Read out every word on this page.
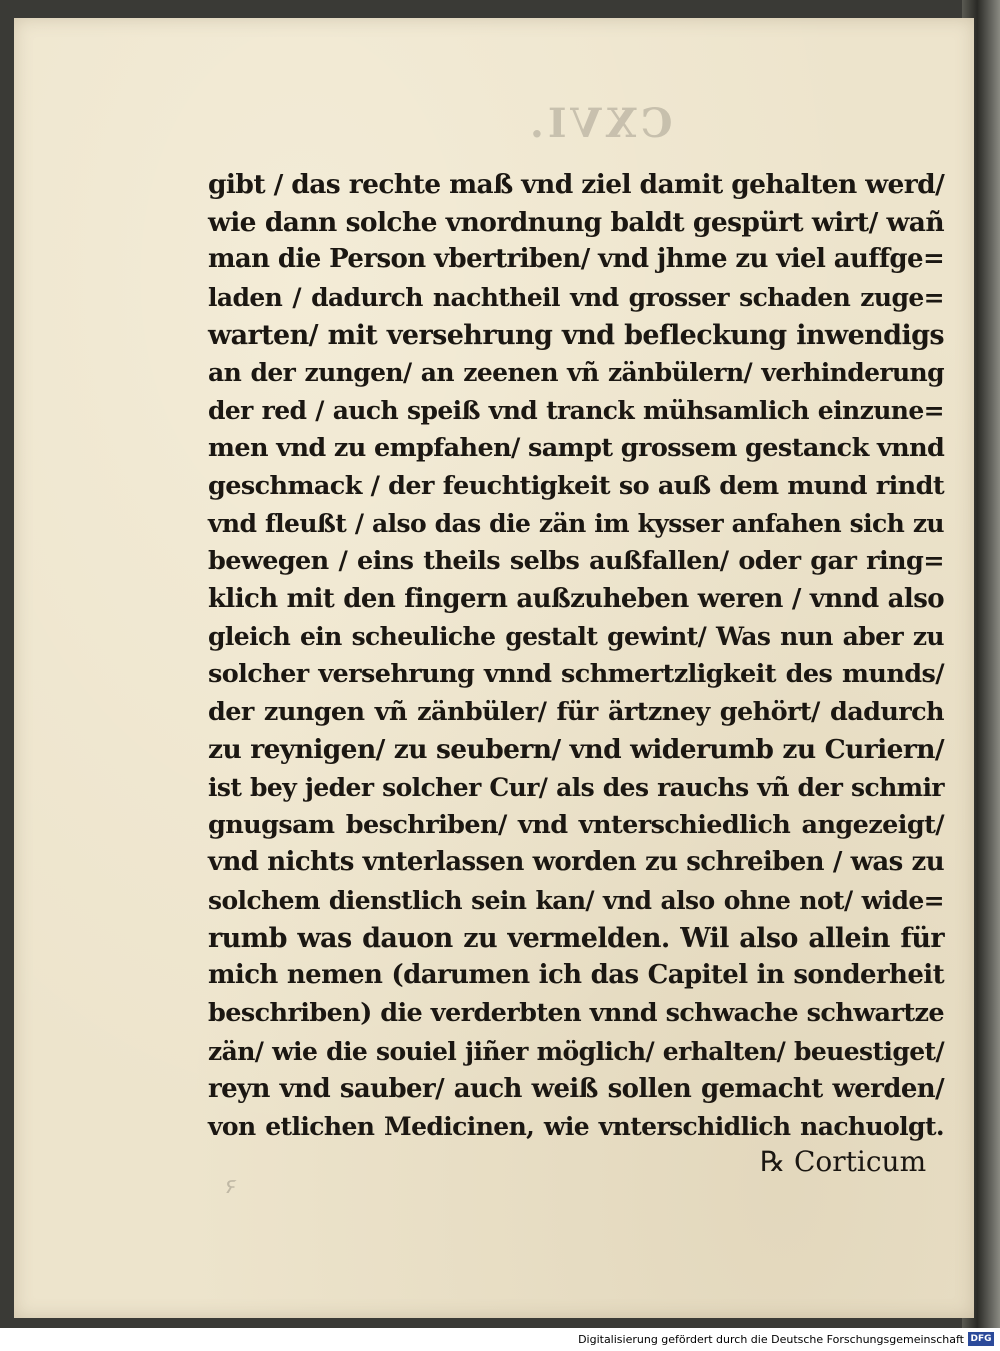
CXVI.
gibt / das rechte maß vnd ziel damit gehalten werd/
wie dann solche vnordnung baldt gespürt wirt/ wañ
man die Person vbertriben/ vnd jhme zu viel auffge=
laden / dadurch nachtheil vnd grosser schaden zuge=
warten/ mit versehrung vnd befleckung inwendigs
an der zungen/ an zeenen vñ zänbülern/ verhinderung
der red / auch speiß vnd tranck mühsamlich einzune=
men vnd zu empfahen/ sampt grossem gestanck vnnd
geschmack / der feuchtigkeit so auß dem mund rindt
vnd fleußt / also das die zän im kysser anfahen sich zu
bewegen / eins theils selbs außfallen/ oder gar ring=
klich mit den fingern außzuheben weren / vnnd also
gleich ein scheuliche gestalt gewint/ Was nun aber zu
solcher versehrung vnnd schmertzligkeit des munds/
der zungen vñ zänbüler/ für ärtzney gehört/ dadurch
zu reynigen/ zu seubern/ vnd widerumb zu Curiern/
ist bey jeder solcher Cur/ als des rauchs vñ der schmir
gnugsam beschriben/ vnd vnterschiedlich angezeigt/
vnd nichts vnterlassen worden zu schreiben / was zu
solchem dienstlich sein kan/ vnd also ohne not/ wide=
rumb was dauon zu vermelden. Wil also allein für
mich nemen (darumen ich das Capitel in sonderheit
beschriben) die verderbten vnnd schwache schwartze
zän/ wie die souiel jiñer möglich/ erhalten/ beuestiget/
reyn vnd sauber/ auch weiß sollen gemacht werden/
von etlichen Medicinen, wie vnterschidlich nachuolgt.
ꝛ
℞ Corticum
Digitalisierung gefördert durch die Deutsche Forschungsgemeinschaft DFG
